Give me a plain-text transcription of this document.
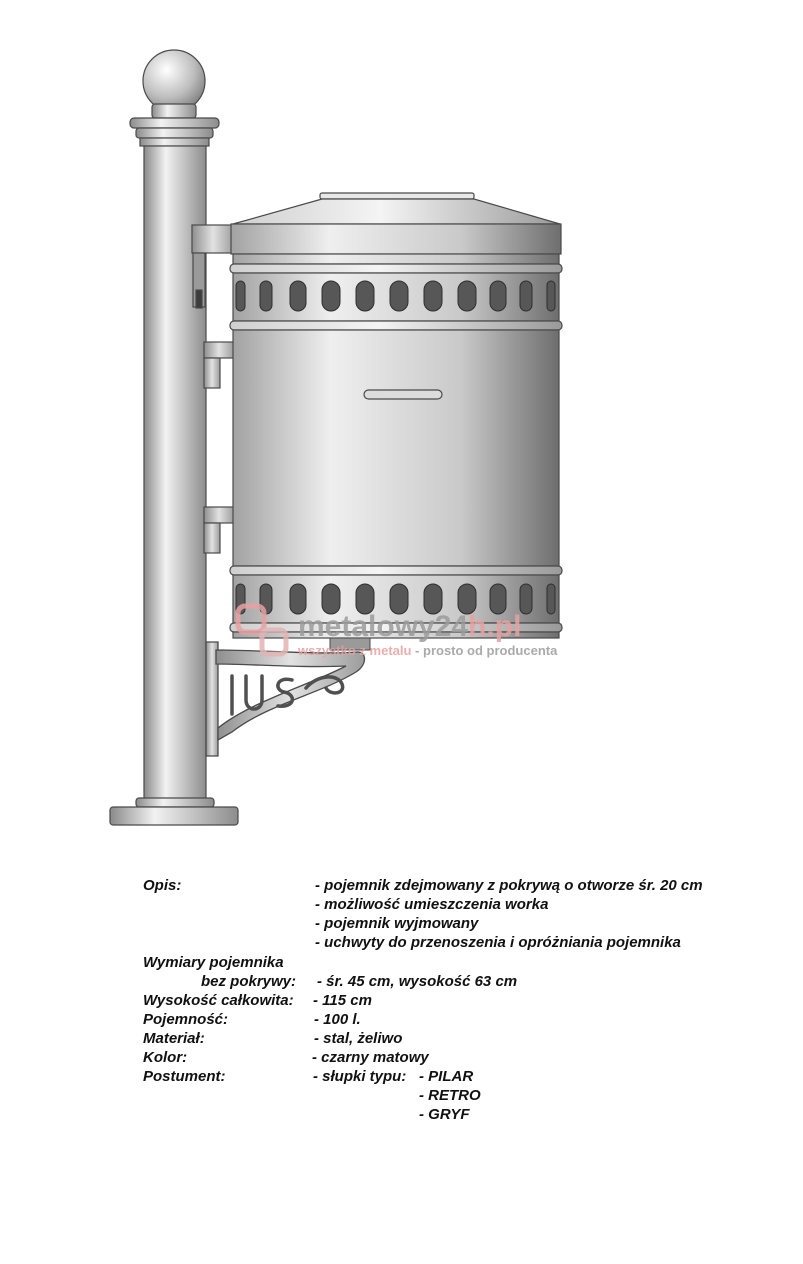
metalowy24h.pl
wszystko z metalu - prosto od producenta
Opis:	- pojemnik zdejmowany z pokrywą o otworze śr. 20 cm
- możliwość umieszczenia worka
- pojemnik wyjmowany
- uchwyty do przenoszenia i opróżniania pojemnika
Wymiary pojemnika
bez pokrywy: - śr. 45 cm, wysokość 63 cm
Wysokość całkowita: - 115 cm
Pojemność:	- 100 l.
Materiał:	- stal, żeliwo
Kolor:	- czarny matowy
Postument:	- słupki typu: - PILAR
- RETRO
- GRYF
